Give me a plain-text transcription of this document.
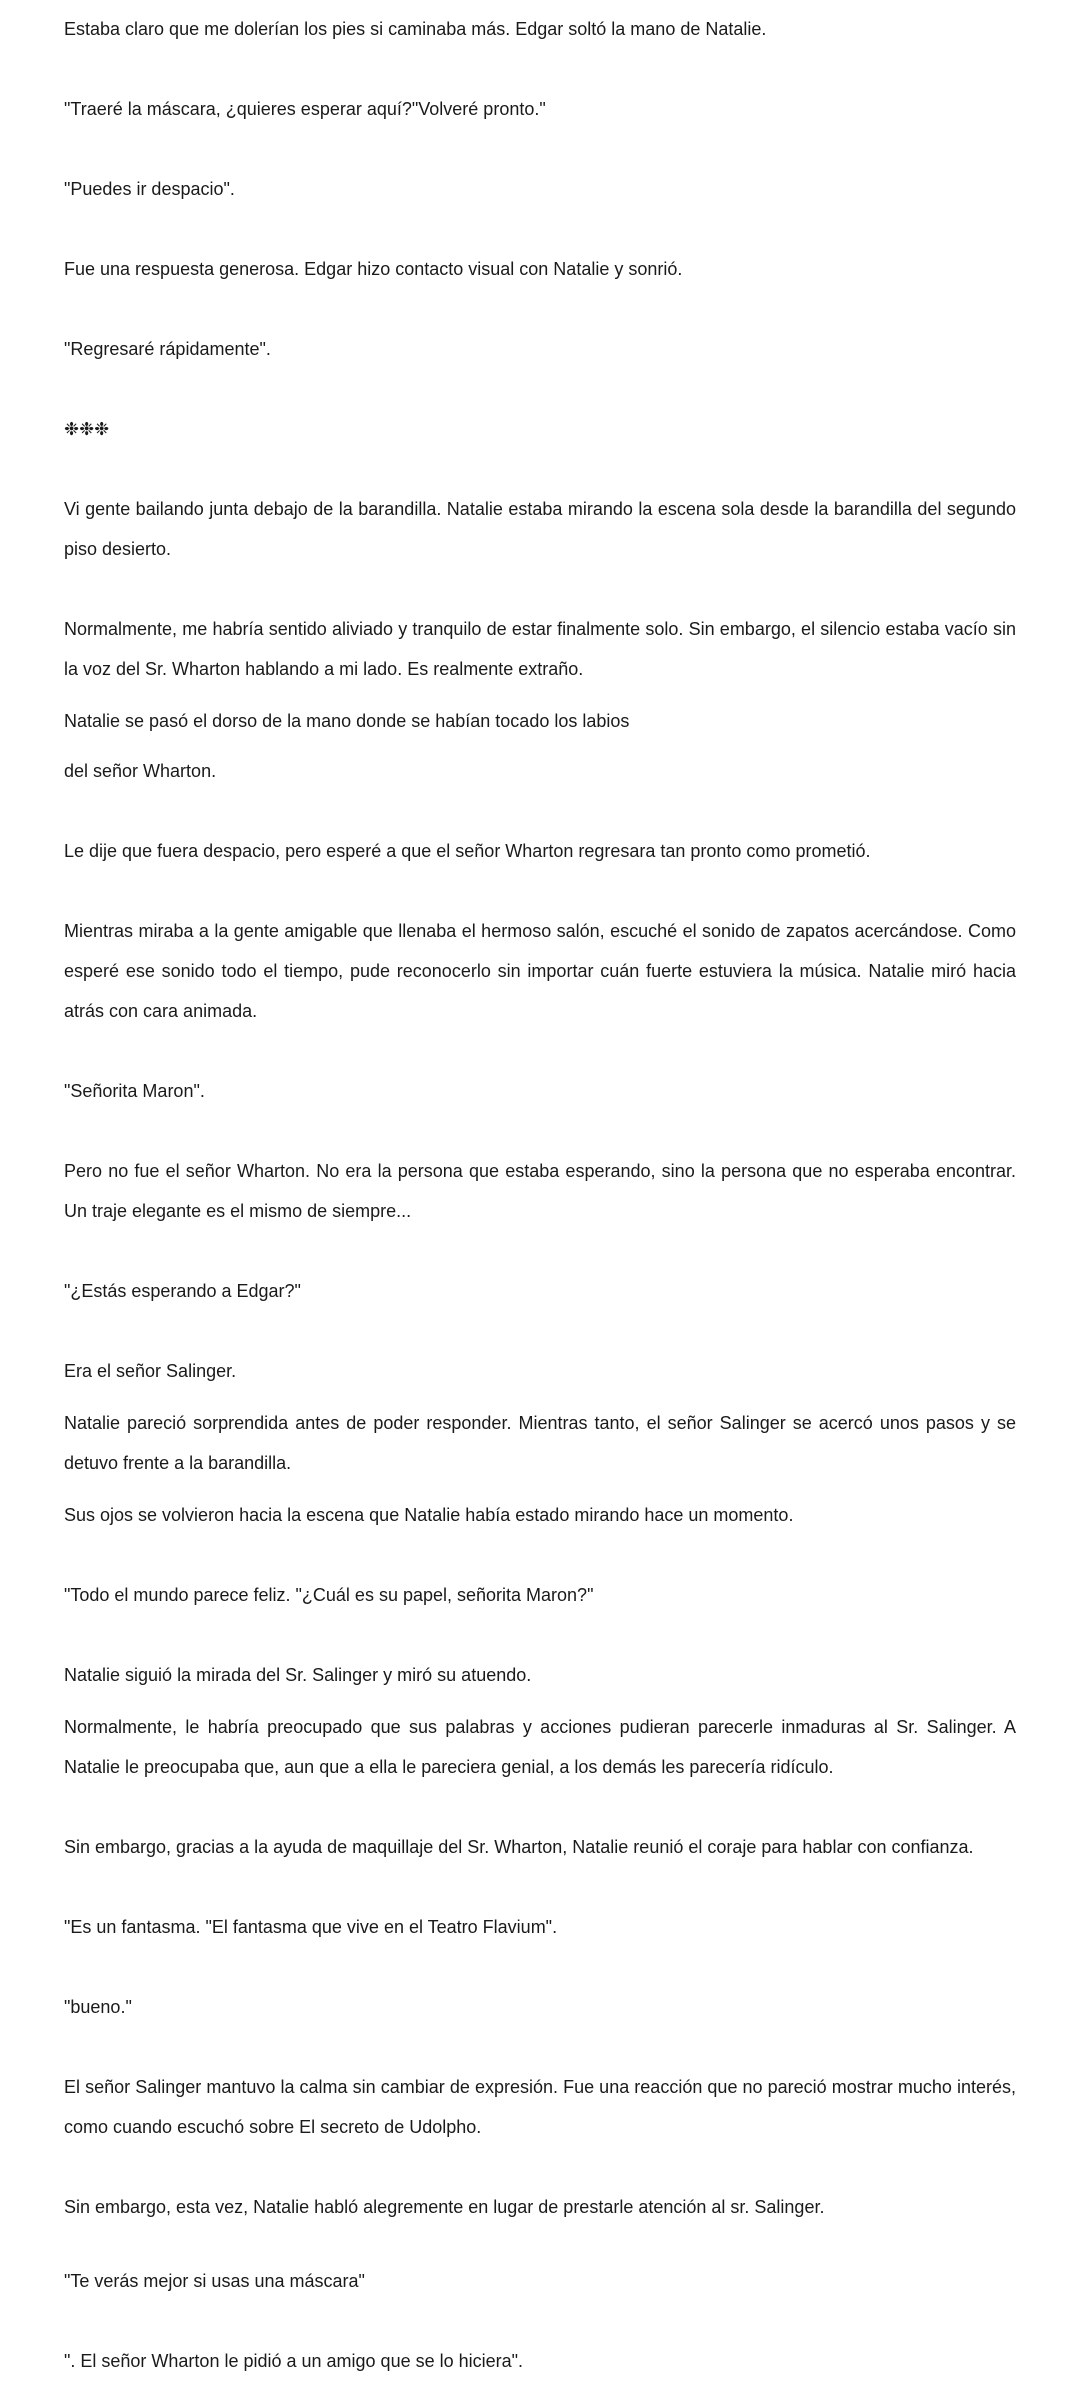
Estaba claro que me dolerían los pies si caminaba más. Edgar soltó la mano de Natalie.

"Traeré la máscara, ¿quieres esperar aquí?"Volveré pronto."

"Puedes ir despacio".

Fue una respuesta generosa. Edgar hizo contacto visual con Natalie y sonrió.

"Regresaré rápidamente".

❉❉❉

Vi gente bailando junta debajo de la barandilla. Natalie estaba mirando la escena sola desde la barandilla del segundo piso desierto.

Normalmente, me habría sentido aliviado y tranquilo de estar finalmente solo. Sin embargo, el silencio estaba vacío sin la voz del Sr. Wharton hablando a mi lado. Es realmente extraño.

Natalie se pasó el dorso de la mano donde se habían tocado los labios

del señor Wharton.

Le dije que fuera despacio, pero esperé a que el señor Wharton regresara tan pronto como prometió.

Mientras miraba a la gente amigable que llenaba el hermoso salón, escuché el sonido de zapatos acercándose. Como esperé ese sonido todo el tiempo, pude reconocerlo sin importar cuán fuerte estuviera la música. Natalie miró hacia atrás con cara animada.

"Señorita Maron".

Pero no fue el señor Wharton. No era la persona que estaba esperando, sino la persona que no esperaba encontrar. Un traje elegante es el mismo de siempre...

"¿Estás esperando a Edgar?"

Era el señor Salinger.

Natalie pareció sorprendida antes de poder responder. Mientras tanto, el señor Salinger se acercó unos pasos y se detuvo frente a la barandilla.

Sus ojos se volvieron hacia la escena que Natalie había estado mirando hace un momento.

"Todo el mundo parece feliz. "¿Cuál es su papel, señorita Maron?"

Natalie siguió la mirada del Sr. Salinger y miró su atuendo.

Normalmente, le habría preocupado que sus palabras y acciones pudieran parecerle inmaduras al Sr. Salinger. A Natalie le preocupaba que, aun que a ella le pareciera genial, a los demás les parecería ridículo.

Sin embargo, gracias a la ayuda de maquillaje del Sr. Wharton, Natalie reunió el coraje para hablar con confianza.

"Es un fantasma. "El fantasma que vive en el Teatro Flavium".

"bueno."

El señor Salinger mantuvo la calma sin cambiar de expresión. Fue una reacción que no pareció mostrar mucho interés, como cuando escuchó sobre El secreto de Udolpho.

Sin embargo, esta vez, Natalie habló alegremente en lugar de prestarle atención al sr. Salinger.

"Te verás mejor si usas una máscara"

". El señor Wharton le pidió a un amigo que se lo hiciera".
